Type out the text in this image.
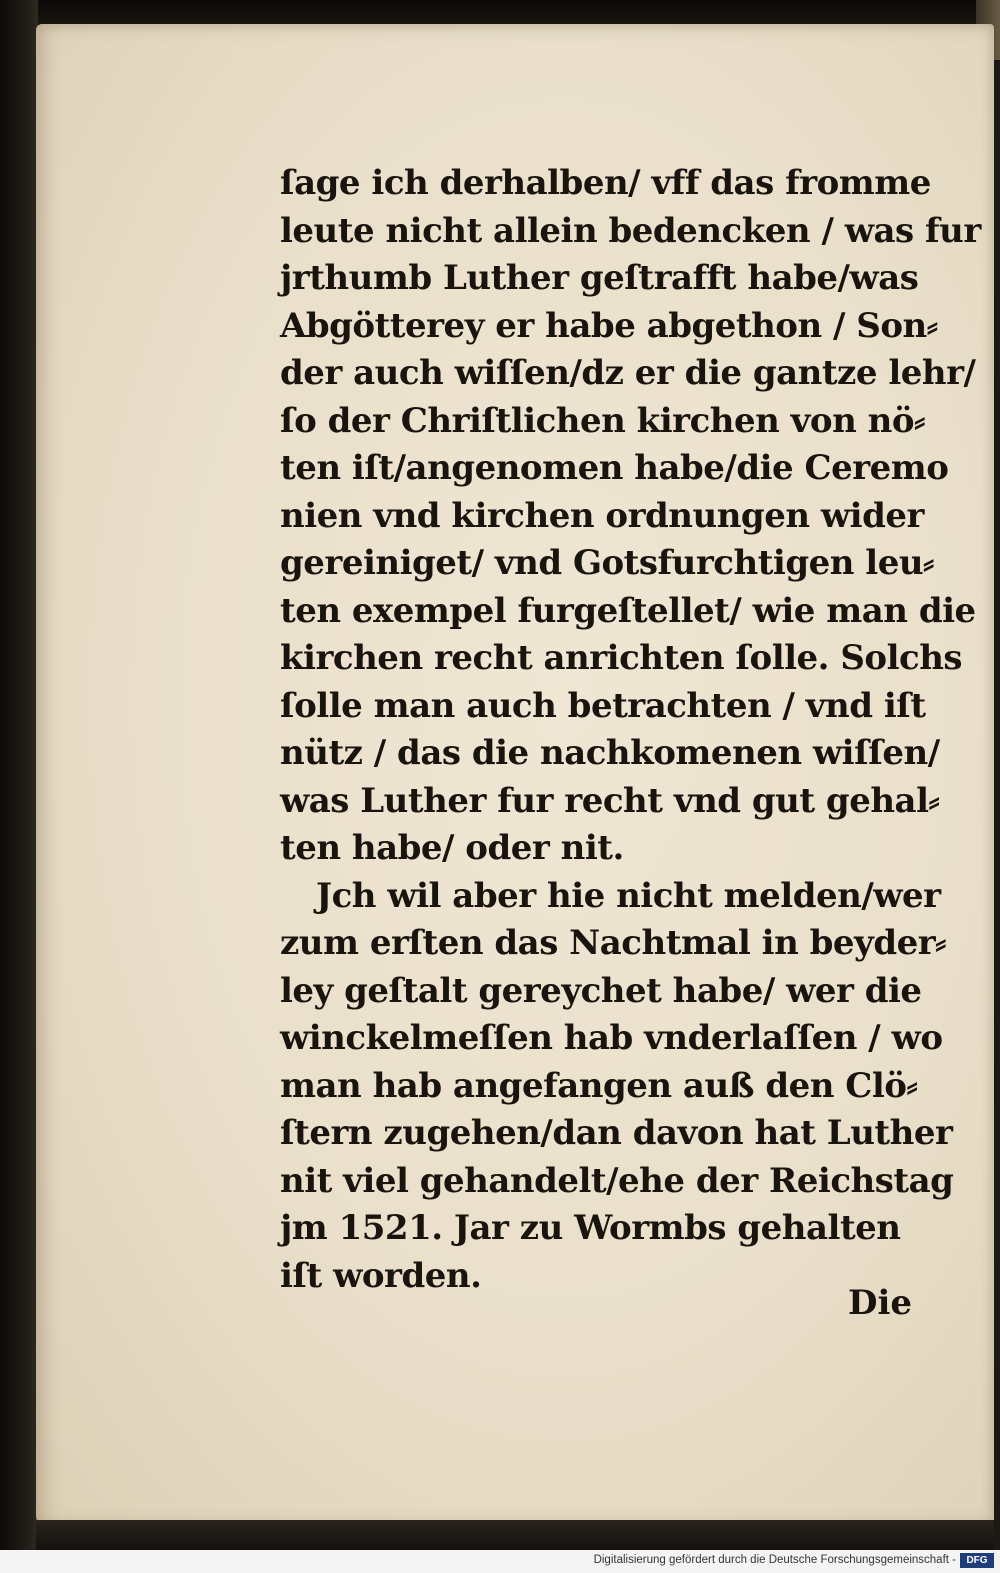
ſage ich derhalben/ vff das fromme
leute nicht allein bedencken / was fur
jrthumb Luther geſtrafft habe/was
Abgötterey er habe abgethon / Son⸗
der auch wiſſen/dz er die gantze lehr/
ſo der Chriſtlichen kirchen von nö⸗
ten iſt/angenomen habe/die Ceremo
nien vnd kirchen ordnungen wider
gereiniget/ vnd Gotsfurchtigen leu⸗
ten exempel furgeſtellet/ wie man die
kirchen recht anrichten ſolle. Solchs
ſolle man auch betrachten / vnd iſt
nütz / das die nachkomenen wiſſen/
was Luther fur recht vnd gut gehal⸗
ten habe/ oder nit.
Jch wil aber hie nicht melden/wer
zum erſten das Nachtmal in beyder⸗
ley geſtalt gereychet habe/ wer die
winckelmeſſen hab vnderlaſſen / wo
man hab angefangen auß den Clö⸗
ſtern zugehen/dan davon hat Luther
nit viel gehandelt/ehe der Reichstag
jm 1521. Jar zu Wormbs gehalten
iſt worden.
Die
Digitalisierung gefördert durch die Deutsche Forschungsgemeinschaft -	DFG
